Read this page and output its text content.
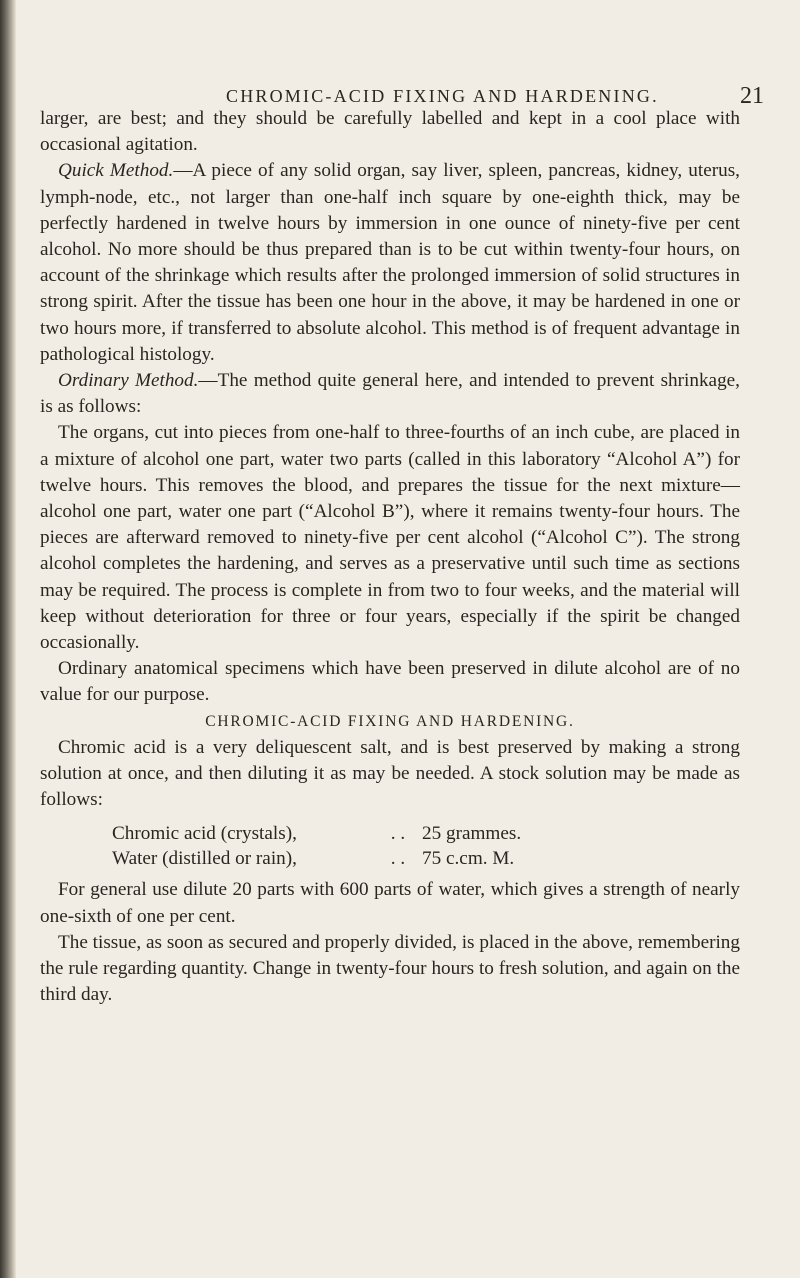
CHROMIC-ACID FIXING AND HARDENING.	21

larger, are best; and they should be carefully labelled and kept in a cool place with occasional agitation.

Quick Method.—A piece of any solid organ, say liver, spleen, pancreas, kidney, uterus, lymph-node, etc., not larger than one-half inch square by one-eighth thick, may be perfectly hardened in twelve hours by immersion in one ounce of ninety-five per cent alcohol. No more should be thus prepared than is to be cut within twenty-four hours, on account of the shrinkage which results after the prolonged immersion of solid structures in strong spirit. After the tissue has been one hour in the above, it may be hardened in one or two hours more, if transferred to absolute alcohol. This method is of frequent advantage in pathological histology.

Ordinary Method.—The method quite general here, and intended to prevent shrinkage, is as follows:

The organs, cut into pieces from one-half to three-fourths of an inch cube, are placed in a mixture of alcohol one part, water two parts (called in this laboratory “Alcohol A”) for twelve hours. This removes the blood, and prepares the tissue for the next mixture—alcohol one part, water one part (“Alcohol B”), where it remains twenty-four hours. The pieces are afterward removed to ninety-five per cent alcohol (“Alcohol C”). The strong alcohol completes the hardening, and serves as a preservative until such time as sections may be required. The process is complete in from two to four weeks, and the material will keep without deterioration for three or four years, especially if the spirit be changed occasionally.

Ordinary anatomical specimens which have been preserved in dilute alcohol are of no value for our purpose.

CHROMIC-ACID FIXING AND HARDENING.

Chromic acid is a very deliquescent salt, and is best preserved by making a strong solution at once, and then diluting it as may be needed. A stock solution may be made as follows:

Chromic acid (crystals),	. . 25 grammes.
Water (distilled or rain),	. . 75 c.cm. M.

For general use dilute 20 parts with 600 parts of water, which gives a strength of nearly one-sixth of one per cent.

The tissue, as soon as secured and properly divided, is placed in the above, remembering the rule regarding quantity. Change in twenty-four hours to fresh solution, and again on the third day.
